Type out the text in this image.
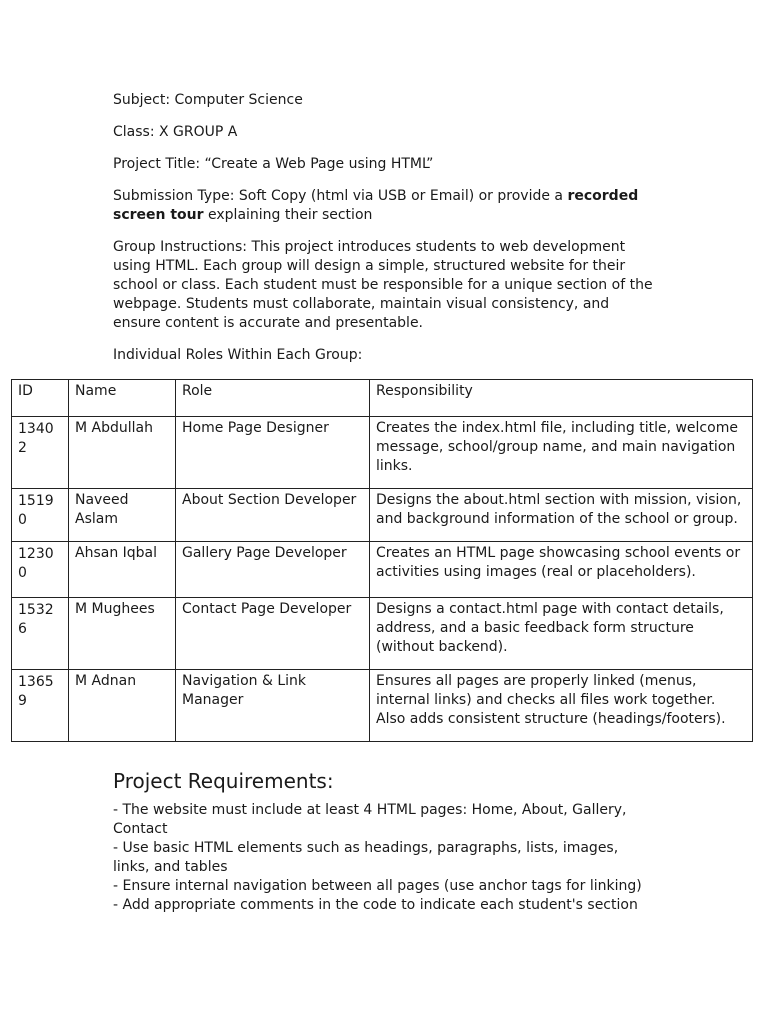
Subject: Computer Science

Class: X GROUP A

Project Title: “Create a Web Page using HTML”

Submission Type: Soft Copy (html via USB or Email) or provide a recorded screen tour explaining their section

Group Instructions: This project introduces students to web development using HTML. Each group will design a simple, structured website for their school or class. Each student must be responsible for a unique section of the webpage. Students must collaborate, maintain visual consistency, and ensure content is accurate and presentable.

Individual Roles Within Each Group:

ID	Name	Role	Responsibility

13402	M Abdullah	Home Page Designer	Creates the index.html file, including title, welcome message, school/group name, and main navigation links.

15190	Naveed Aslam	About Section Developer	Designs the about.html section with mission, vision, and background information of the school or group.

12300	Ahsan Iqbal	Gallery Page Developer	Creates an HTML page showcasing school events or activities using images (real or placeholders).

15326	M Mughees	Contact Page Developer	Designs a contact.html page with contact details, address, and a basic feedback form structure (without backend).

13659	M Adnan	Navigation & Link Manager	Ensures all pages are properly linked (menus, internal links) and checks all files work together. Also adds consistent structure (headings/footers).
Project Requirements:
- The website must include at least 4 HTML pages: Home, About, Gallery, Contact
- Use basic HTML elements such as headings, paragraphs, lists, images, links, and tables
- Ensure internal navigation between all pages (use anchor tags for linking)
- Add appropriate comments in the code to indicate each student's section
